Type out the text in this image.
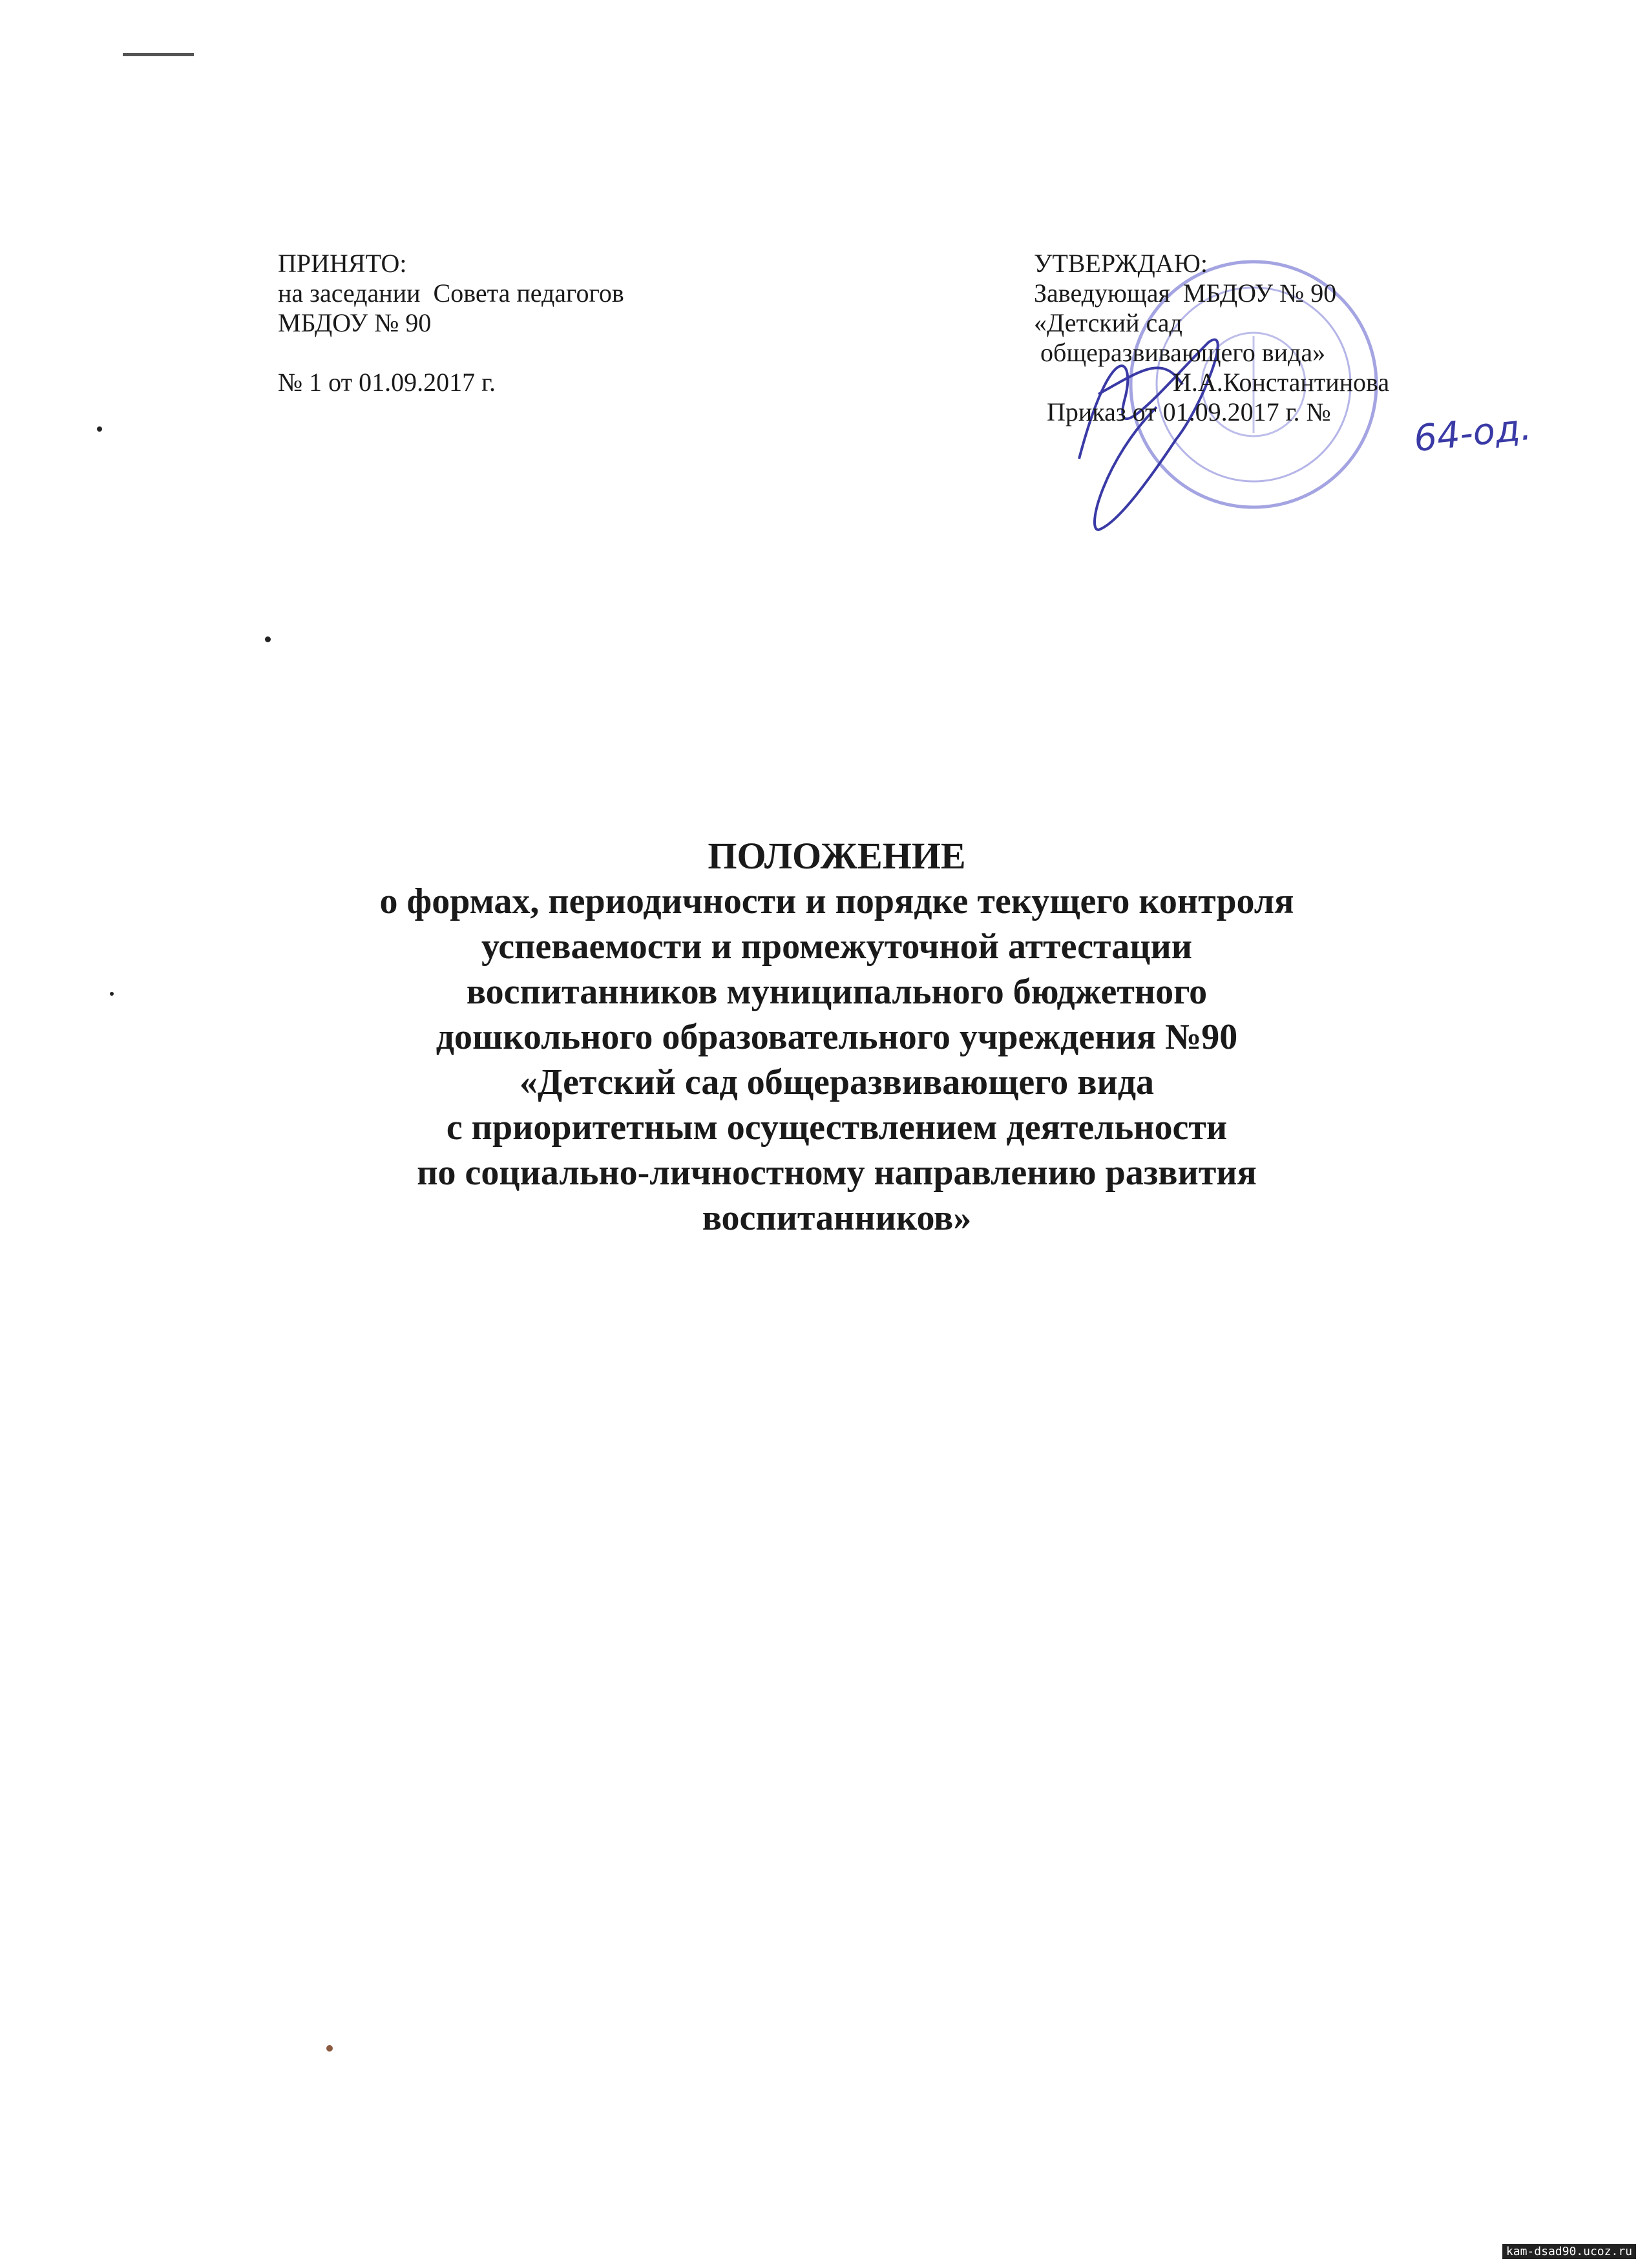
ПРИНЯТО:
на заседании  Совета педагогов
МБДОУ № 90
№ 1 от 01.09.2017 г.
УТВЕРЖДАЮ:
Заведующая  МБДОУ № 90
«Детский сад
общеразвивающего вида»
И.А.Константинова
Приказ от 01.09.2017 г. №	64-од.
ПОЛОЖЕНИЕ
о формах, периодичности и порядке текущего контроля
успеваемости и промежуточной аттестации
воспитанников муниципального бюджетного
дошкольного образовательного учреждения №90
«Детский сад общеразвивающего вида
с приоритетным осуществлением деятельности
по социально-личностному направлению развития
воспитанников»
kam-dsad90.ucoz.ru
